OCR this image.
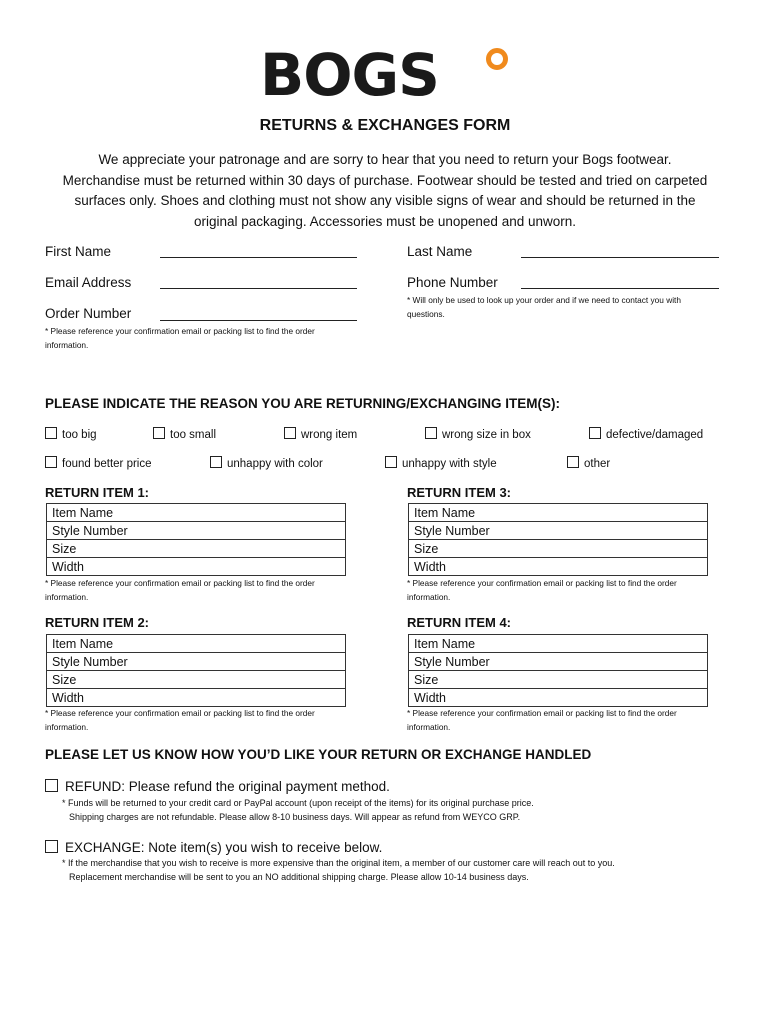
BOGS
RETURNS & EXCHANGES FORM
We appreciate your patronage and are sorry to hear that you need to return your Bogs footwear.
Merchandise must be returned within 30 days of purchase. Footwear should be tested and tried on carpeted
surfaces only. Shoes and clothing must not show any visible signs of wear and should be returned in the
original packaging. Accessories must be unopened and unworn.
First Name	Last Name
Email Address	Phone Number
* Will only be used to look up your order and if we need to contact you with
questions.
Order Number
* Please reference your confirmation email or packing list to find the order
information.
PLEASE INDICATE THE REASON YOU ARE RETURNING/EXCHANGING ITEM(S):
too big	too small	wrong item	wrong size in box	defective/damaged
found better price	unhappy with color	unhappy with style	other
RETURN ITEM 1:
Item Name
Style Number
Size
Width
* Please reference your confirmation email or packing list to find the order
information.
RETURN ITEM 3:
Item Name
Style Number
Size
Width
* Please reference your confirmation email or packing list to find the order
information.
RETURN ITEM 2:
Item Name
Style Number
Size
Width
* Please reference your confirmation email or packing list to find the order
information.
RETURN ITEM 4:
Item Name
Style Number
Size
Width
* Please reference your confirmation email or packing list to find the order
information.
PLEASE LET US KNOW HOW YOU’D LIKE YOUR RETURN OR EXCHANGE HANDLED
REFUND: Please refund the original payment method.
* Funds will be returned to your credit card or PayPal account (upon receipt of the items) for its original purchase price.
Shipping charges are not refundable. Please allow 8-10 business days. Will appear as refund from WEYCO GRP.
EXCHANGE: Note item(s) you wish to receive below.
* If the merchandise that you wish to receive is more expensive than the original item, a member of our customer care will reach out to you.
Replacement merchandise will be sent to you an NO additional shipping charge. Please allow 10-14 business days.
